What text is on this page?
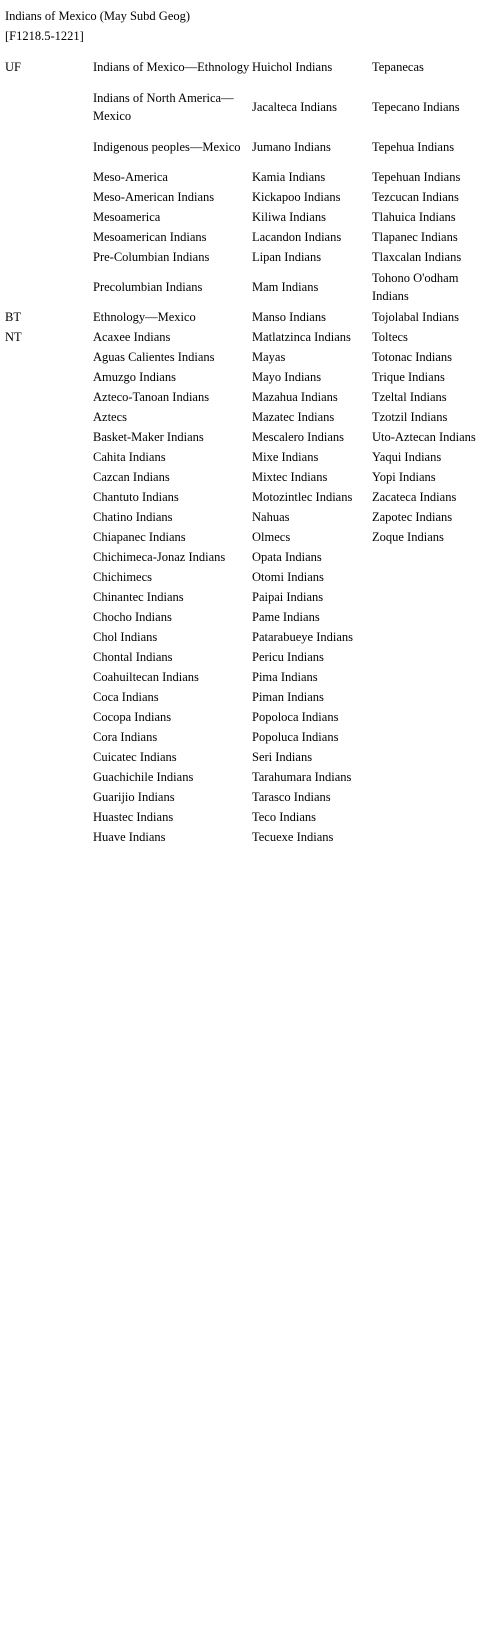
Indians of Mexico (May Subd Geog)
[F1218.5-1221]
UF	Indians of Mexico—Ethnology	Huichol Indians	Tepanecas
	Indians of North America—Mexico	Jacalteca Indians	Tepecano Indians
	Indigenous peoples—Mexico	Jumano Indians	Tepehua Indians
	Meso-America	Kamia Indians	Tepehuan Indians
	Meso-American Indians	Kickapoo Indians	Tezcucan Indians
	Mesoamerica	Kiliwa Indians	Tlahuica Indians
	Mesoamerican Indians	Lacandon Indians	Tlapanec Indians
	Pre-Columbian Indians	Lipan Indians	Tlaxcalan Indians
	Precolumbian Indians	Mam Indians	Tohono O'odham Indians
BT	Ethnology—Mexico	Manso Indians	Tojolabal Indians
NT	Acaxee Indians	Matlatzinca Indians	Toltecs
	Aguas Calientes Indians	Mayas	Totonac Indians
	Amuzgo Indians	Mayo Indians	Trique Indians
	Azteco-Tanoan Indians	Mazahua Indians	Tzeltal Indians
	Aztecs	Mazatec Indians	Tzotzil Indians
	Basket-Maker Indians	Mescalero Indians	Uto-Aztecan Indians
	Cahita Indians	Mixe Indians	Yaqui Indians
	Cazcan Indians	Mixtec Indians	Yopi Indians
	Chantuto Indians	Motozintlec Indians	Zacateca Indians
	Chatino Indians	Nahuas	Zapotec Indians
	Chiapanec Indians	Olmecs	Zoque Indians
	Chichimeca-Jonaz Indians	Opata Indians	
	Chichimecs	Otomi Indians	
	Chinantec Indians	Paipai Indians	
	Chocho Indians	Pame Indians	
	Chol Indians	Patarabueye Indians	
	Chontal Indians	Pericu Indians	
	Coahuiltecan Indians	Pima Indians	
	Coca Indians	Piman Indians	
	Cocopa Indians	Popoloca Indians	
	Cora Indians	Popoluca Indians	
	Cuicatec Indians	Seri Indians	
	Guachichile Indians	Tarahumara Indians	
	Guarijio Indians	Tarasco Indians	
	Huastec Indians	Teco Indians	
	Huave Indians	Tecuexe Indians	
